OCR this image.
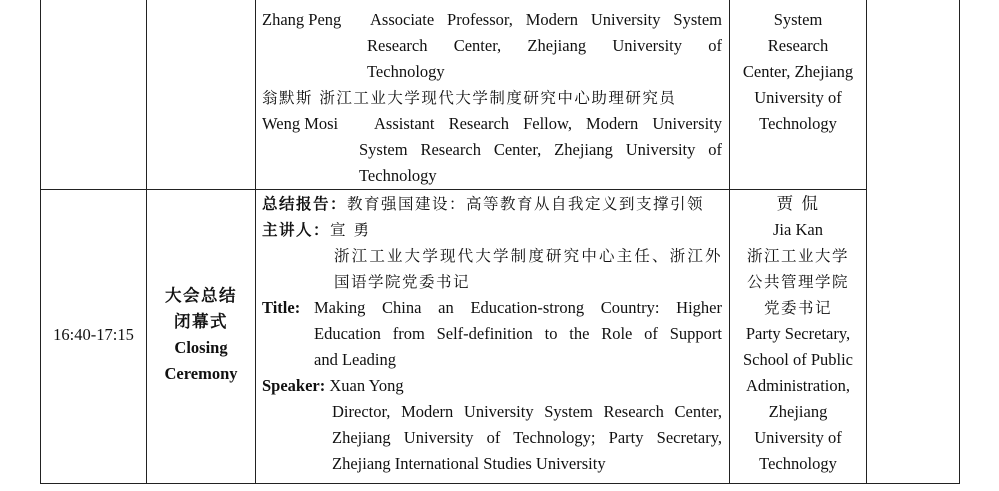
Zhang Peng Associate Professor, Modern University System
Research Center, Zhejiang University of
Technology
翁默斯 浙江工业大学现代大学制度研究中心助理研究员
Weng Mosi Assistant Research Fellow, Modern University
System Research Center, Zhejiang University of
Technology
System
Research
Center, Zhejiang
University of
Technology
16:40-17:15
大会总结
闭幕式
Closing
Ceremony
总结报告：教育强国建设：高等教育从自我定义到支撑引领
主讲人：宣 勇
浙江工业大学现代大学制度研究中心主任、浙江外
国语学院党委书记
Title: Making China an Education-strong Country: Higher
Education from Self-definition to the Role of Support
and Leading
Speaker: Xuan Yong
Director, Modern University System Research Center,
Zhejiang University of Technology; Party Secretary,
Zhejiang International Studies University
贾 侃
Jia Kan
浙江工业大学
公共管理学院
党委书记
Party Secretary,
School of Public
Administration,
Zhejiang
University of
Technology
